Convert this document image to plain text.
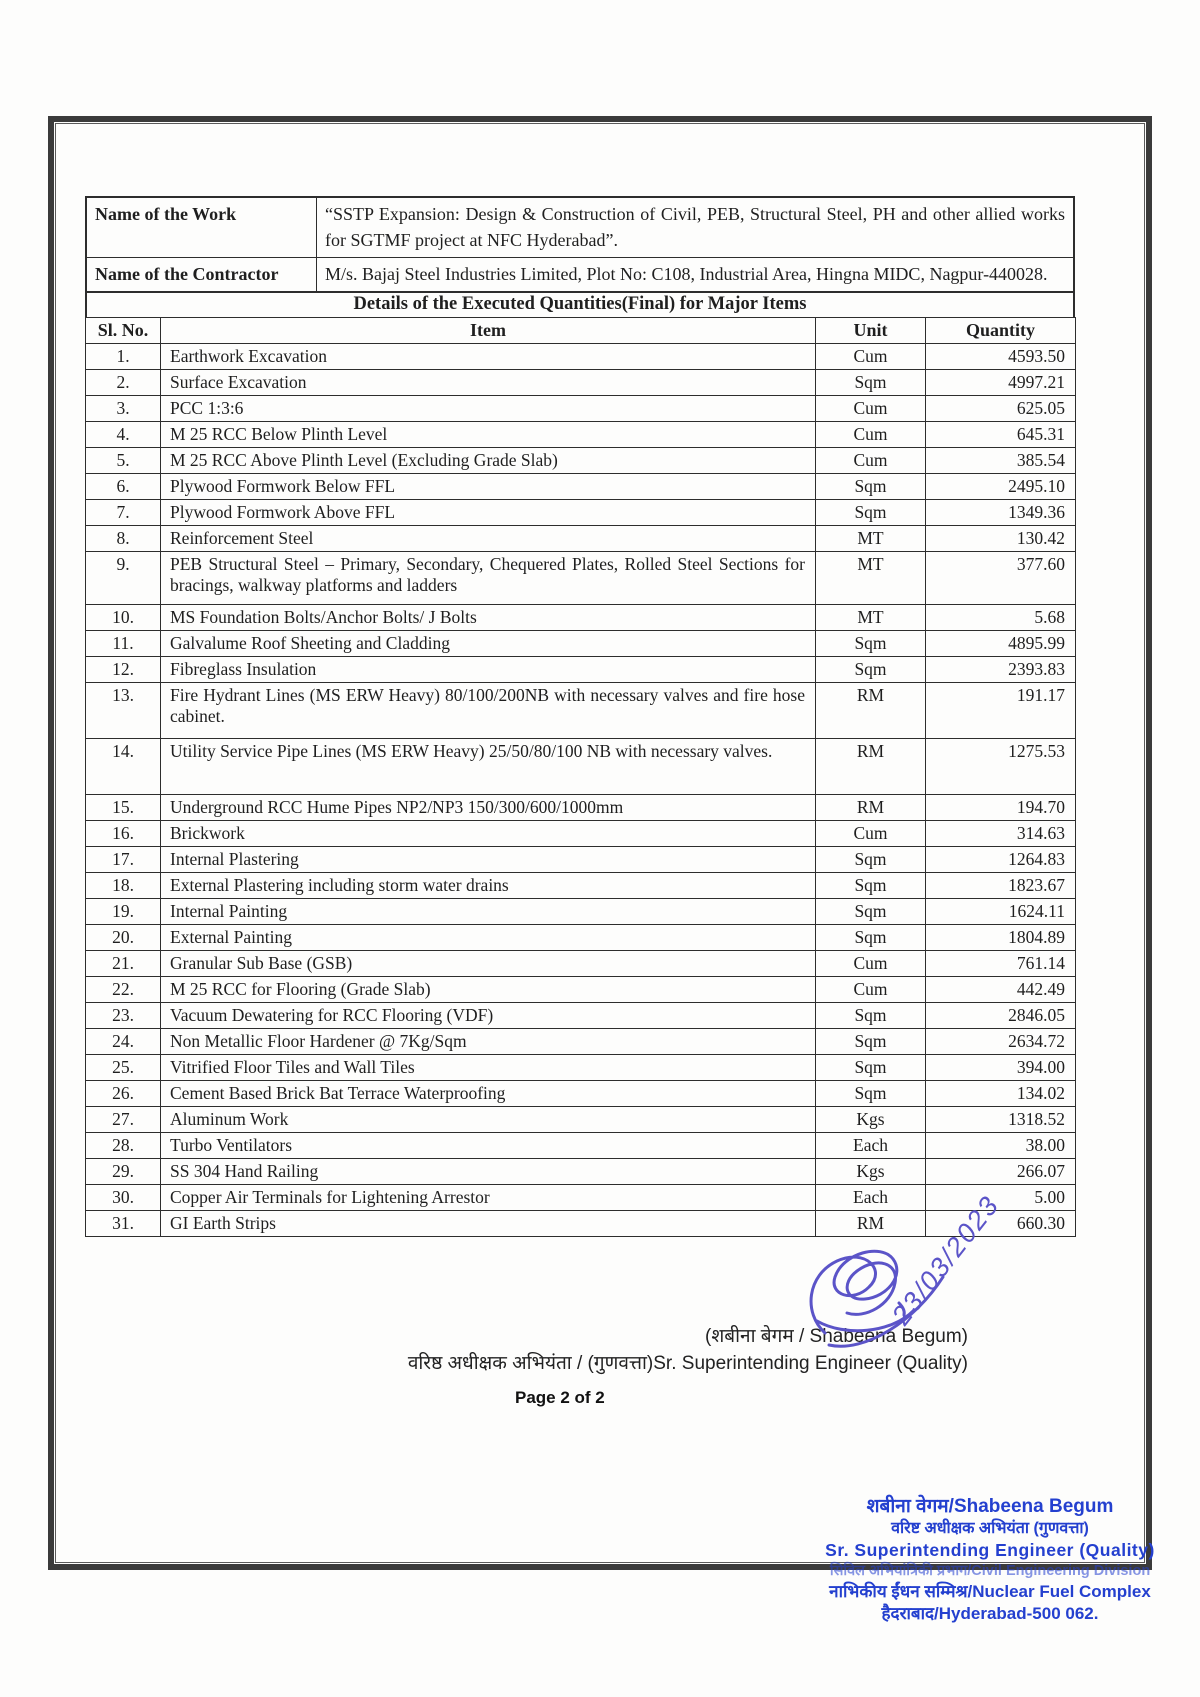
Name of the Work	“SSTP Expansion: Design & Construction of Civil, PEB, Structural Steel, PH and other allied works for SGTMF project at NFC Hyderabad”.
Name of the Contractor	M/s. Bajaj Steel Industries Limited, Plot No: C108, Industrial Area, Hingna MIDC, Nagpur-440028.
Details of the Executed Quantities(Final) for Major Items
Sl. No.	Item	Unit	Quantity
1.	Earthwork Excavation	Cum	4593.50
2.	Surface Excavation	Sqm	4997.21
3.	PCC 1:3:6	Cum	625.05
4.	M 25 RCC Below Plinth Level	Cum	645.31
5.	M 25 RCC Above Plinth Level (Excluding Grade Slab)	Cum	385.54
6.	Plywood Formwork Below FFL	Sqm	2495.10
7.	Plywood Formwork Above FFL	Sqm	1349.36
8.	Reinforcement Steel	MT	130.42
9.	PEB Structural Steel – Primary, Secondary, Chequered Plates, Rolled Steel Sections for bracings, walkway platforms and ladders	MT	377.60
10.	MS Foundation Bolts/Anchor Bolts/ J Bolts	MT	5.68
11.	Galvalume Roof Sheeting and Cladding	Sqm	4895.99
12.	Fibreglass Insulation	Sqm	2393.83
13.	Fire Hydrant Lines (MS ERW Heavy) 80/100/200NB with necessary valves and fire hose cabinet.	RM	191.17
14.	Utility Service Pipe Lines (MS ERW Heavy) 25/50/80/100 NB with necessary valves.	RM	1275.53
15.	Underground RCC Hume Pipes NP2/NP3 150/300/600/1000mm	RM	194.70
16.	Brickwork	Cum	314.63
17.	Internal Plastering	Sqm	1264.83
18.	External Plastering including storm water drains	Sqm	1823.67
19.	Internal Painting	Sqm	1624.11
20.	External Painting	Sqm	1804.89
21.	Granular Sub Base (GSB)	Cum	761.14
22.	M 25 RCC for Flooring (Grade Slab)	Cum	442.49
23.	Vacuum Dewatering for RCC Flooring (VDF)	Sqm	2846.05
24.	Non Metallic Floor Hardener @ 7Kg/Sqm	Sqm	2634.72
25.	Vitrified Floor Tiles and Wall Tiles	Sqm	394.00
26.	Cement Based Brick Bat Terrace Waterproofing	Sqm	134.02
27.	Aluminum Work	Kgs	1318.52
28.	Turbo Ventilators	Each	38.00
29.	SS 304 Hand Railing	Kgs	266.07
30.	Copper Air Terminals for Lightening Arrestor	Each	5.00
31.	GI Earth Strips	RM	660.30
23/03/2023
(शबीना बेगम / Shabeena Begum)
वरिष्ठ अधीक्षक अभियंता / (गुणवत्ता)Sr. Superintending Engineer (Quality)
Page 2 of 2
शबीना वेगम/Shabeena Begum
वरिष्ट अधीक्षक अभियंता (गुणवत्ता)
Sr. Superintending Engineer (Quality)
सिविल अभियांत्रिकी प्रभाग/Civil Engineering Division
नाभिकीय ईंधन सम्मिश्र/Nuclear Fuel Complex
हैदराबाद/Hyderabad-500 062.
